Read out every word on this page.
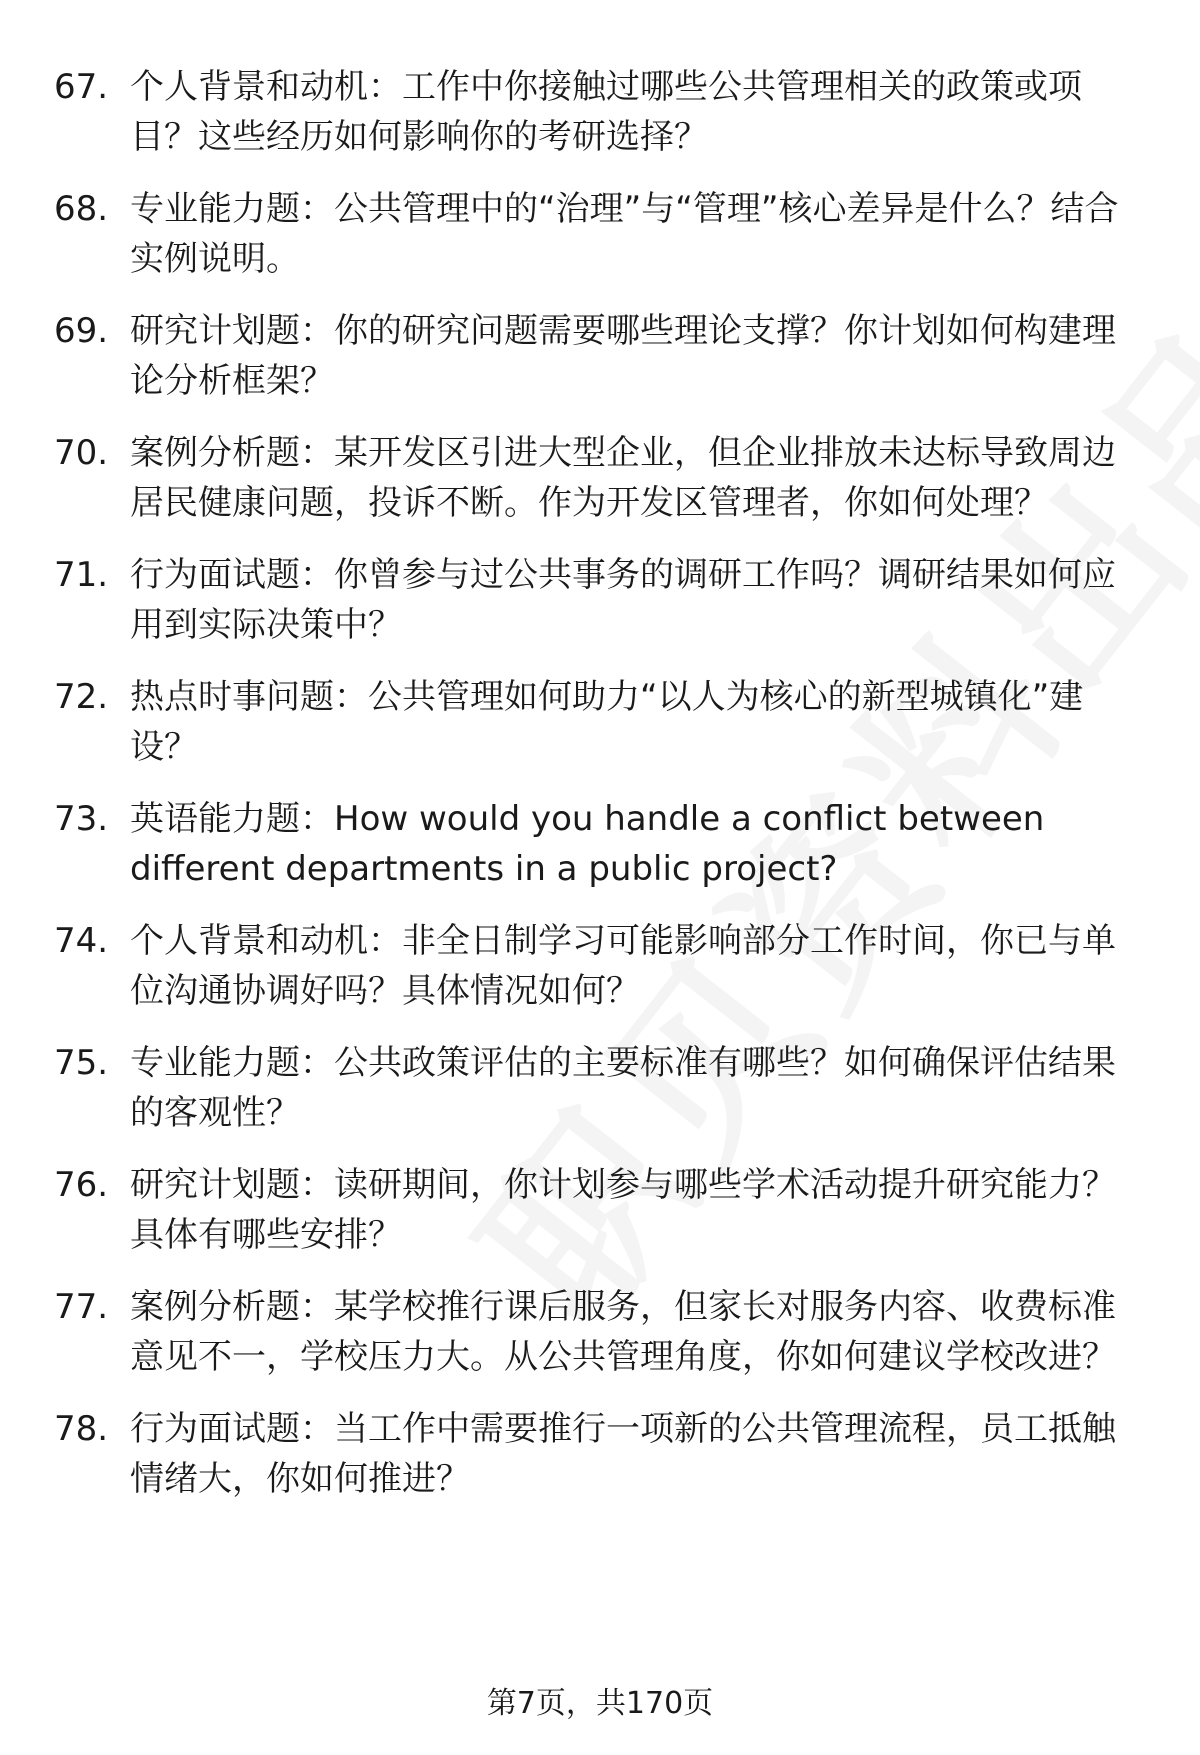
67. 个人背景和动机：工作中你接触过哪些公共管理相关的政策或项目？这些经历如何影响你的考研选择？
68. 专业能力题：公共管理中的“治理”与“管理”核心差异是什么？结合实例说明。
69. 研究计划题：你的研究问题需要哪些理论支撑？你计划如何构建理论分析框架？
70. 案例分析题：某开发区引进大型企业，但企业排放未达标导致周边居民健康问题，投诉不断。作为开发区管理者，你如何处理？
71. 行为面试题：你曾参与过公共事务的调研工作吗？调研结果如何应用到实际决策中？
72. 热点时事问题：公共管理如何助力“以人为核心的新型城镇化”建设？
73. 英语能力题：How would you handle a conflict between different departments in a public project?
74. 个人背景和动机：非全日制学习可能影响部分工作时间，你已与单位沟通协调好吗？具体情况如何？
75. 专业能力题：公共政策评估的主要标准有哪些？如何确保评估结果的客观性？
76. 研究计划题：读研期间，你计划参与哪些学术活动提升研究能力？具体有哪些安排？
77. 案例分析题：某学校推行课后服务，但家长对服务内容、收费标准意见不一，学校压力大。从公共管理角度，你如何建议学校改进？
78. 行为面试题：当工作中需要推行一项新的公共管理流程，员工抵触情绪大，你如何推进？
第7页，共170页
